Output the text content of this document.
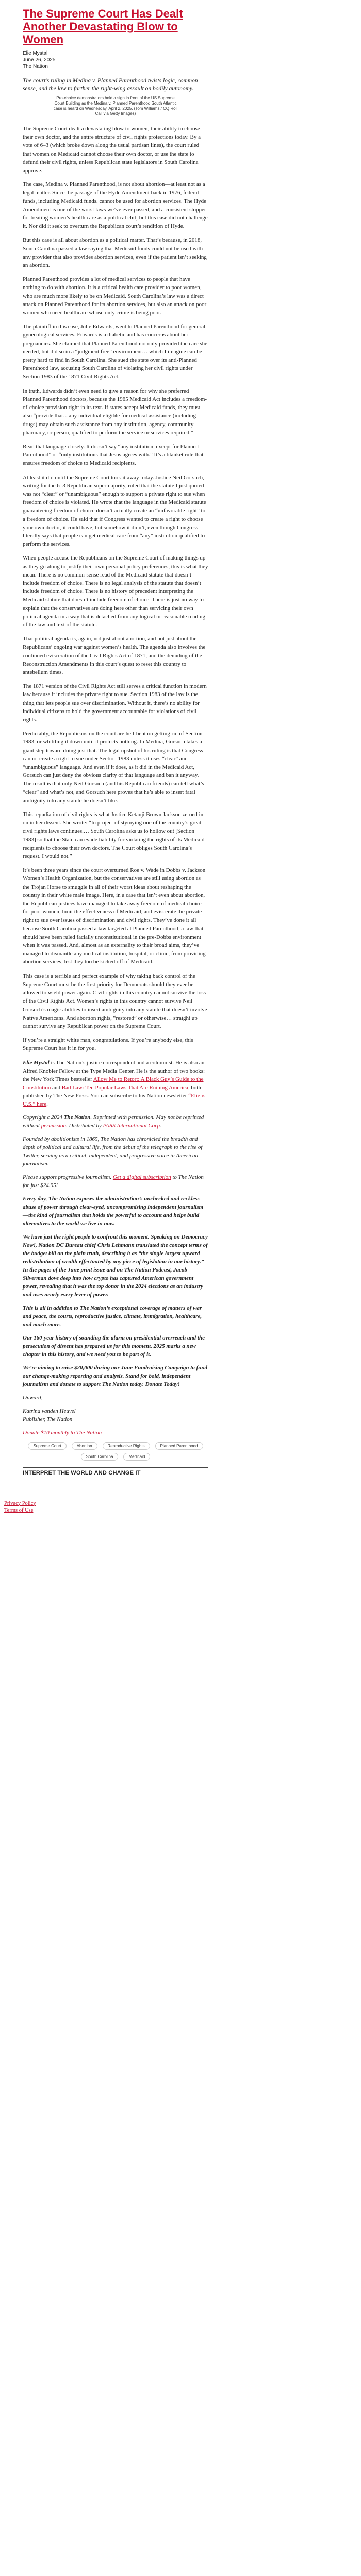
The Supreme Court Has Dealt Another Devastating Blow to Women
Elie Mystal
June 26, 2025
The Nation

The court’s ruling in Medina v. Planned Parenthood twists logic, common sense, and the law to further the right-wing assault on bodily autonomy.

Pro-choice demonstrators hold a sign in front of the US Supreme Court Building as the Medina v. Planned Parenthood South Atlantic case is heard on Wednesday, April 2, 2025. (Tom Williams / CQ Roll Call via Getty Images)

The Supreme Court dealt a devastating blow to women, their ability to choose their own doctor, and the entire structure of civil rights protections today. By a vote of 6–3 (which broke down along the usual partisan lines), the court ruled that women on Medicaid cannot choose their own doctor, or use the state to defund their civil rights, unless Republican state legislators in South Carolina approve.

The case, Medina v. Planned Parenthood, is not about abortion—at least not as a legal matter. Since the passage of the Hyde Amendment back in 1976, federal funds, including Medicaid funds, cannot be used for abortion services. The Hyde Amendment is one of the worst laws we’ve ever passed, and a consistent stopper for treating women’s health care as a political chit; but this case did not challenge it. Nor did it seek to overturn the Republican court’s rendition of Hyde.

But this case is all about abortion as a political matter. That’s because, in 2018, South Carolina passed a law saying that Medicaid funds could not be used with any provider that also provides abortion services, even if the patient isn’t seeking an abortion.

Planned Parenthood provides a lot of medical services to people that have nothing to do with abortion. It is a critical health care provider to poor women, who are much more likely to be on Medicaid. South Carolina’s law was a direct attack on Planned Parenthood for its abortion services, but also an attack on poor women who need healthcare whose only crime is being poor.

The plaintiff in this case, Julie Edwards, went to Planned Parenthood for general gynecological services. Edwards is a diabetic and has concerns about her pregnancies. She claimed that Planned Parenthood not only provided the care she needed, but did so in a “judgment free” environment… which I imagine can be pretty hard to find in South Carolina. She sued the state over its anti-Planned Parenthood law, accusing South Carolina of violating her civil rights under Section 1983 of the 1871 Civil Rights Act.

In truth, Edwards didn’t even need to give a reason for why she preferred Planned Parenthood doctors, because the 1965 Medicaid Act includes a freedom-of-choice provision right in its text. If states accept Medicaid funds, they must also “provide that…any individual eligible for medical assistance (including drugs) may obtain such assistance from any institution, agency, community pharmacy, or person, qualified to perform the service or services required.”

Read that language closely. It doesn’t say “any institution, except for Planned Parenthood” or “only institutions that Jesus agrees with.” It’s a blanket rule that ensures freedom of choice to Medicaid recipients.

At least it did until the Supreme Court took it away today. Justice Neil Gorsuch, writing for the 6–3 Republican supermajority, ruled that the statute I just quoted was not “clear” or “unambiguous” enough to support a private right to sue when freedom of choice is violated. He wrote that the language in the Medicaid statute guaranteeing freedom of choice doesn’t actually create an “unfavorable right” to a freedom of choice. He said that if Congress wanted to create a right to choose your own doctor, it could have, but somehow it didn’t, even though Congress literally says that people can get medical care from “any” institution qualified to perform the services.

When people accuse the Republicans on the Supreme Court of making things up as they go along to justify their own personal policy preferences, this is what they mean. There is no common-sense read of the Medicaid statute that doesn’t include freedom of choice. There is no legal analysis of the statute that doesn’t include freedom of choice. There is no history of precedent interpreting the Medicaid statute that doesn’t include freedom of choice. There is just no way to explain that the conservatives are doing here other than servicing their own political agenda in a way that is detached from any logical or reasonable reading of the law and text of the statute.

That political agenda is, again, not just about abortion, and not just about the Republicans’ ongoing war against women’s health. The agenda also involves the continued evisceration of the Civil Rights Act of 1871, and the denuding of the Reconstruction Amendments in this court’s quest to reset this country to antebellum times.

The 1871 version of the Civil Rights Act still serves a critical function in modern law because it includes the private right to sue. Section 1983 of the law is the thing that lets people sue over discrimination. Without it, there’s no ability for individual citizens to hold the government accountable for violations of civil rights.

Predictably, the Republicans on the court are hell-bent on getting rid of Section 1983, or whittling it down until it protects nothing. In Medina, Gorsuch takes a giant step toward doing just that. The legal upshot of his ruling is that Congress cannot create a right to sue under Section 1983 unless it uses “clear” and “unambiguous” language. And even if it does, as it did in the Medicaid Act, Gorsuch can just deny the obvious clarity of that language and ban it anyway. The result is that only Neil Gorsuch (and his Republican friends) can tell what’s “clear” and what’s not, and Gorsuch here proves that he’s able to insert fatal ambiguity into any statute he doesn’t like.

This repudiation of civil rights is what Justice Ketanji Brown Jackson zeroed in on in her dissent. She wrote: “In project of stymying one of the country’s great civil rights laws continues.… South Carolina asks us to hollow out [Section 1983] so that the State can evade liability for violating the rights of its Medicaid recipients to choose their own doctors. The Court obliges South Carolina’s request. I would not.”

It’s been three years since the court overturned Roe v. Wade in Dobbs v. Jackson Women’s Health Organization, but the conservatives are still using abortion as the Trojan Horse to smuggle in all of their worst ideas about reshaping the country in their white male image. Here, in a case that isn’t even about abortion, the Republican justices have managed to take away freedom of medical choice for poor women, limit the effectiveness of Medicaid, and eviscerate the private right to sue over issues of discrimination and civil rights. They’ve done it all because South Carolina passed a law targeted at Planned Parenthood, a law that should have been ruled facially unconstitutional in the pre-Dobbs environment when it was passed. And, almost as an externality to their broad aims, they’ve managed to dismantle any medical institution, hospital, or clinic, from providing abortion services, lest they too be kicked off of Medicaid.

This case is a terrible and perfect example of why taking back control of the Supreme Court must be the first priority for Democrats should they ever be allowed to wield power again. Civil rights in this country cannot survive the loss of the Civil Rights Act. Women’s rights in this country cannot survive Neil Gorsuch’s magic abilities to insert ambiguity into any statute that doesn’t involve Native Americans. And abortion rights, “restored” or otherwise… straight up cannot survive any Republican power on the Supreme Court.

If you’re a straight white man, congratulations. If you’re anybody else, this Supreme Court has it in for you.

Elie Mystal is The Nation’s justice correspondent and a columnist. He is also an Alfred Knobler Fellow at the Type Media Center. He is the author of two books: the New York Times bestseller Allow Me to Retort: A Black Guy’s Guide to the Constitution and Bad Law: Ten Popular Laws That Are Ruining America, both published by The New Press. You can subscribe to his Nation newsletter “Elie v. U.S.” here.

Copyright c 2024 The Nation. Reprinted with permission. May not be reprinted without permission. Distributed by PARS International Corp.

Founded by abolitionists in 1865, The Nation has chronicled the breadth and depth of political and cultural life, from the debut of the telegraph to the rise of Twitter, serving as a critical, independent, and progressive voice in American journalism.

Please support progressive journalism. Get a digital subscription to The Nation for just $24.95!

Every day, The Nation exposes the administration’s unchecked and reckless abuse of power through clear-eyed, uncompromising independent journalism—the kind of journalism that holds the powerful to account and helps build alternatives to the world we live in now.

We have just the right people to confront this moment. Speaking on Democracy Now!, Nation DC Bureau chief Chris Lehmann translated the concept terms of the budget bill on the plain truth, describing it as “the single largest upward redistribution of wealth effectuated by any piece of legislation in our history.” In the pages of the June print issue and on The Nation Podcast, Jacob Silverman dove deep into how crypto has captured American government power, revealing that it was the top donor in the 2024 elections as an industry and uses nearly every lever of power.

This is all in addition to The Nation’s exceptional coverage of matters of war and peace, the courts, reproductive justice, climate, immigration, healthcare, and much more.

Our 160-year history of sounding the alarm on presidential overreach and the persecution of dissent has prepared us for this moment. 2025 marks a new chapter in this history, and we need you to be part of it.

We’re aiming to raise $20,000 during our June Fundraising Campaign to fund our change-making reporting and analysis. Stand for bold, independent journalism and donate to support The Nation today. Donate Today!

Onward,

Katrina vanden Heuvel
Publisher, The Nation

Donate $10 monthly to The Nation

Supreme Court	Abortion	Reproductive Rights	Planned Parenthood
South Carolina	Medicaid
INTERPRET THE WORLD AND CHANGE IT
Privacy Policy
Terms of Use
